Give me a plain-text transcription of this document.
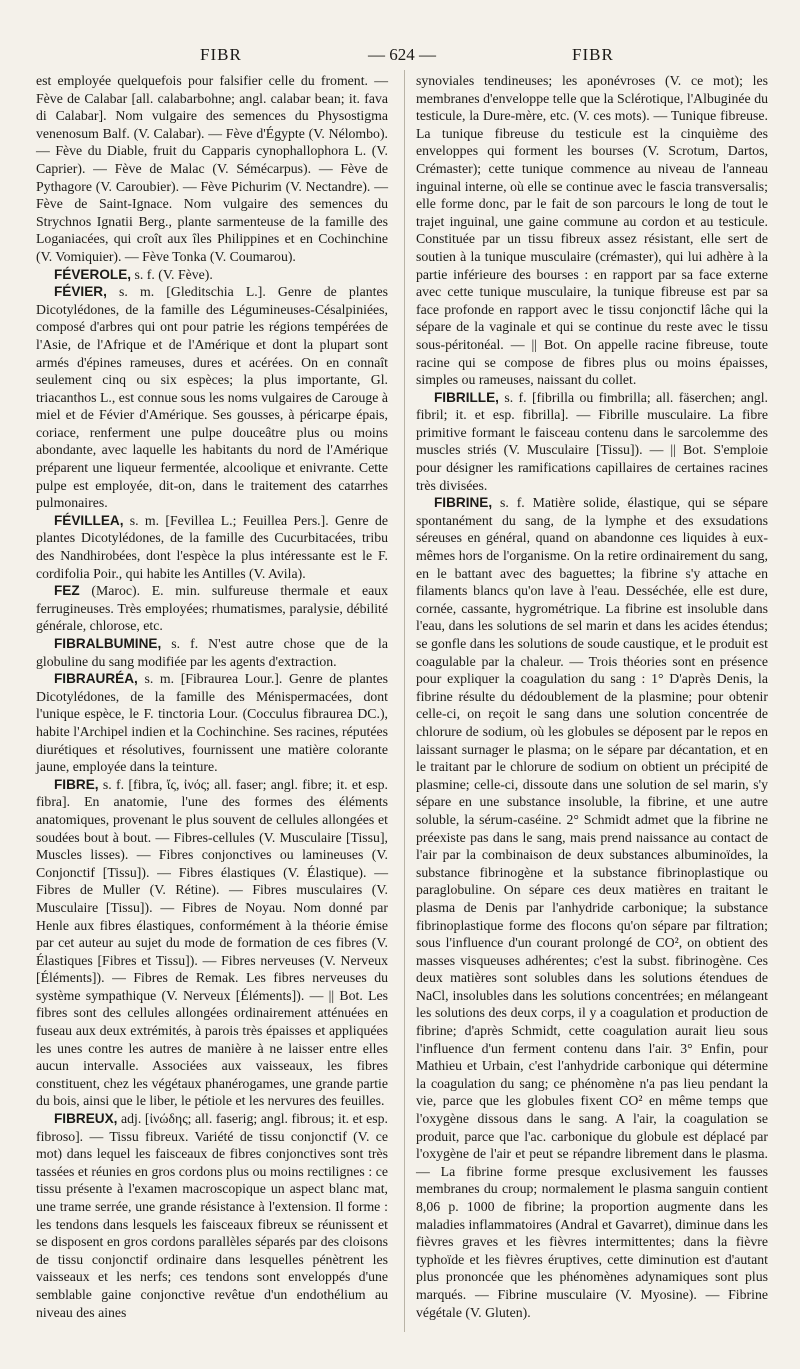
FIBR	— 624 —	FIBR

est employée quelquefois pour falsifier celle du froment. — Fève de Calabar [all. calabarbohne; angl. calabar bean; it. fava di Calabar]. Nom vulgaire des semences du Physostigma venenosum Balf. (V. Calabar). — Fève d'Égypte (V. Nélombo). — Fève du Diable, fruit du Capparis cynophallophora L. (V. Caprier). — Fève de Malac (V. Sémécarpus). — Fève de Pythagore (V. Caroubier). — Fève Pichurim (V. Nectandre). — Fève de Saint-Ignace. Nom vulgaire des semences du Strychnos Ignatii Berg., plante sarmenteuse de la famille des Loganiacées, qui croît aux îles Philippines et en Cochinchine (V. Vomiquier). — Fève Tonka (V. Coumarou).

FÉVEROLE, s. f. (V. Fève).

FÉVIER, s. m. [Gleditschia L.]. Genre de plantes Dicotylédones, de la famille des Légumineuses-Césalpiniées, composé d'arbres qui ont pour patrie les régions tempérées de l'Asie, de l'Afrique et de l'Amérique et dont la plupart sont armés d'épines rameuses, dures et acérées. On en connaît seulement cinq ou six espèces; la plus importante, Gl. triacanthos L., est connue sous les noms vulgaires de Carouge à miel et de Févier d'Amérique. Ses gousses, à péricarpe épais, coriace, renferment une pulpe douceâtre plus ou moins abondante, avec laquelle les habitants du nord de l'Amérique préparent une liqueur fermentée, alcoolique et enivrante. Cette pulpe est employée, dit-on, dans le traitement des catarrhes pulmonaires.

FÉVILLEA, s. m. [Fevillea L.; Feuillea Pers.]. Genre de plantes Dicotylédones, de la famille des Cucurbitacées, tribu des Nandhirobées, dont l'espèce la plus intéressante est le F. cordifolia Poir., qui habite les Antilles (V. Avila).

FEZ (Maroc). E. min. sulfureuse thermale et eaux ferrugineuses. Très employées; rhumatismes, paralysie, débilité générale, chlorose, etc.

FIBRALBUMINE, s. f. N'est autre chose que de la globuline du sang modifiée par les agents d'extraction.

FIBRAURÉA, s. m. [Fibraurea Lour.]. Genre de plantes Dicotylédones, de la famille des Ménispermacées, dont l'unique espèce, le F. tinctoria Lour. (Cocculus fibraurea DC.), habite l'Archipel indien et la Cochinchine. Ses racines, réputées diurétiques et résolutives, fournissent une matière colorante jaune, employée dans la teinture.

FIBRE, s. f. [fibra, ἴς, ἰνός; all. faser; angl. fibre; it. et esp. fibra]. En anatomie, l'une des formes des éléments anatomiques, provenant le plus souvent de cellules allongées et soudées bout à bout. — Fibres-cellules (V. Musculaire [Tissu], Muscles lisses). — Fibres conjonctives ou lamineuses (V. Conjonctif [Tissu]). — Fibres élastiques (V. Élastique). — Fibres de Muller (V. Rétine). — Fibres musculaires (V. Musculaire [Tissu]). — Fibres de Noyau. Nom donné par Henle aux fibres élastiques, conformément à la théorie émise par cet auteur au sujet du mode de formation de ces fibres (V. Élastiques [Fibres et Tissu]). — Fibres nerveuses (V. Nerveux [Éléments]). — Fibres de Remak. Les fibres nerveuses du système sympathique (V. Nerveux [Éléments]). — || Bot. Les fibres sont des cellules allongées ordinairement atténuées en fuseau aux deux extrémités, à parois très épaisses et appliquées les unes contre les autres de manière à ne laisser entre elles aucun intervalle. Associées aux vaisseaux, les fibres constituent, chez les végétaux phanérogames, une grande partie du bois, ainsi que le liber, le pétiole et les nervures des feuilles.

FIBREUX, adj. [ἰνώδης; all. faserig; angl. fibrous; it. et esp. fibroso]. — Tissu fibreux. Variété de tissu conjonctif (V. ce mot) dans lequel les faisceaux de fibres conjonctives sont très tassées et réunies en gros cordons plus ou moins rectilignes : ce tissu présente à l'examen macroscopique un aspect blanc mat, une trame serrée, une grande résistance à l'extension. Il forme : les tendons dans lesquels les faisceaux fibreux se réunissent et se disposent en gros cordons parallèles séparés par des cloisons de tissu conjonctif ordinaire dans lesquelles pénètrent les vaisseaux et les nerfs; ces tendons sont enveloppés d'une semblable gaine conjonctive revêtue d'un endothélium au niveau des aines

synoviales tendineuses; les aponévroses (V. ce mot); les membranes d'enveloppe telle que la Sclérotique, l'Albuginée du testicule, la Dure-mère, etc. (V. ces mots). — Tunique fibreuse. La tunique fibreuse du testicule est la cinquième des enveloppes qui forment les bourses (V. Scrotum, Dartos, Crémaster); cette tunique commence au niveau de l'anneau inguinal interne, où elle se continue avec le fascia transversalis; elle forme donc, par le fait de son parcours le long de tout le trajet inguinal, une gaine commune au cordon et au testicule. Constituée par un tissu fibreux assez résistant, elle sert de soutien à la tunique musculaire (crémaster), qui lui adhère à la partie inférieure des bourses : en rapport par sa face externe avec cette tunique musculaire, la tunique fibreuse est par sa face profonde en rapport avec le tissu conjonctif lâche qui la sépare de la vaginale et qui se continue du reste avec le tissu sous-péritonéal. — || Bot. On appelle racine fibreuse, toute racine qui se compose de fibres plus ou moins épaisses, simples ou rameuses, naissant du collet.

FIBRILLE, s. f. [fibrilla ou fimbrilla; all. fäserchen; angl. fibril; it. et esp. fibrilla]. — Fibrille musculaire. La fibre primitive formant le faisceau contenu dans le sarcolemme des muscles striés (V. Musculaire [Tissu]). — || Bot. S'emploie pour désigner les ramifications capillaires de certaines racines très divisées.

FIBRINE, s. f. Matière solide, élastique, qui se sépare spontanément du sang, de la lymphe et des exsudations séreuses en général, quand on abandonne ces liquides à eux-mêmes hors de l'organisme. On la retire ordinairement du sang, en le battant avec des baguettes; la fibrine s'y attache en filaments blancs qu'on lave à l'eau. Desséchée, elle est dure, cornée, cassante, hygrométrique. La fibrine est insoluble dans l'eau, dans les solutions de sel marin et dans les acides étendus; se gonfle dans les solutions de soude caustique, et le produit est coagulable par la chaleur. — Trois théories sont en présence pour expliquer la coagulation du sang : 1° D'après Denis, la fibrine résulte du dédoublement de la plasmine; pour obtenir celle-ci, on reçoit le sang dans une solution concentrée de chlorure de sodium, où les globules se déposent par le repos en laissant surnager le plasma; on le sépare par décantation, et en le traitant par le chlorure de sodium on obtient un précipité de plasmine; celle-ci, dissoute dans une solution de sel marin, s'y sépare en une substance insoluble, la fibrine, et une autre soluble, la sérum-caséine. 2° Schmidt admet que la fibrine ne préexiste pas dans le sang, mais prend naissance au contact de l'air par la combinaison de deux substances albuminoïdes, la substance fibrinogène et la substance fibrinoplastique ou paraglobuline. On sépare ces deux matières en traitant le plasma de Denis par l'anhydride carbonique; la substance fibrinoplastique forme des flocons qu'on sépare par filtration; sous l'influence d'un courant prolongé de CO², on obtient des masses visqueuses adhérentes; c'est la subst. fibrinogène. Ces deux matières sont solubles dans les solutions étendues de NaCl, insolubles dans les solutions concentrées; en mélangeant les solutions des deux corps, il y a coagulation et production de fibrine; d'après Schmidt, cette coagulation aurait lieu sous l'influence d'un ferment contenu dans l'air. 3° Enfin, pour Mathieu et Urbain, c'est l'anhydride carbonique qui détermine la coagulation du sang; ce phénomène n'a pas lieu pendant la vie, parce que les globules fixent CO² en même temps que l'oxygène dissous dans le sang. A l'air, la coagulation se produit, parce que l'ac. carbonique du globule est déplacé par l'oxygène de l'air et peut se répandre librement dans le plasma. — La fibrine forme presque exclusivement les fausses membranes du croup; normalement le plasma sanguin contient 8,06 p. 1000 de fibrine; la proportion augmente dans les maladies inflammatoires (Andral et Gavarret), diminue dans les fièvres graves et les fièvres intermittentes; dans la fièvre typhoïde et les fièvres éruptives, cette diminution est d'autant plus prononcée que les phénomènes adynamiques sont plus marqués. — Fibrine musculaire (V. Myosine). — Fibrine végétale (V. Gluten).
